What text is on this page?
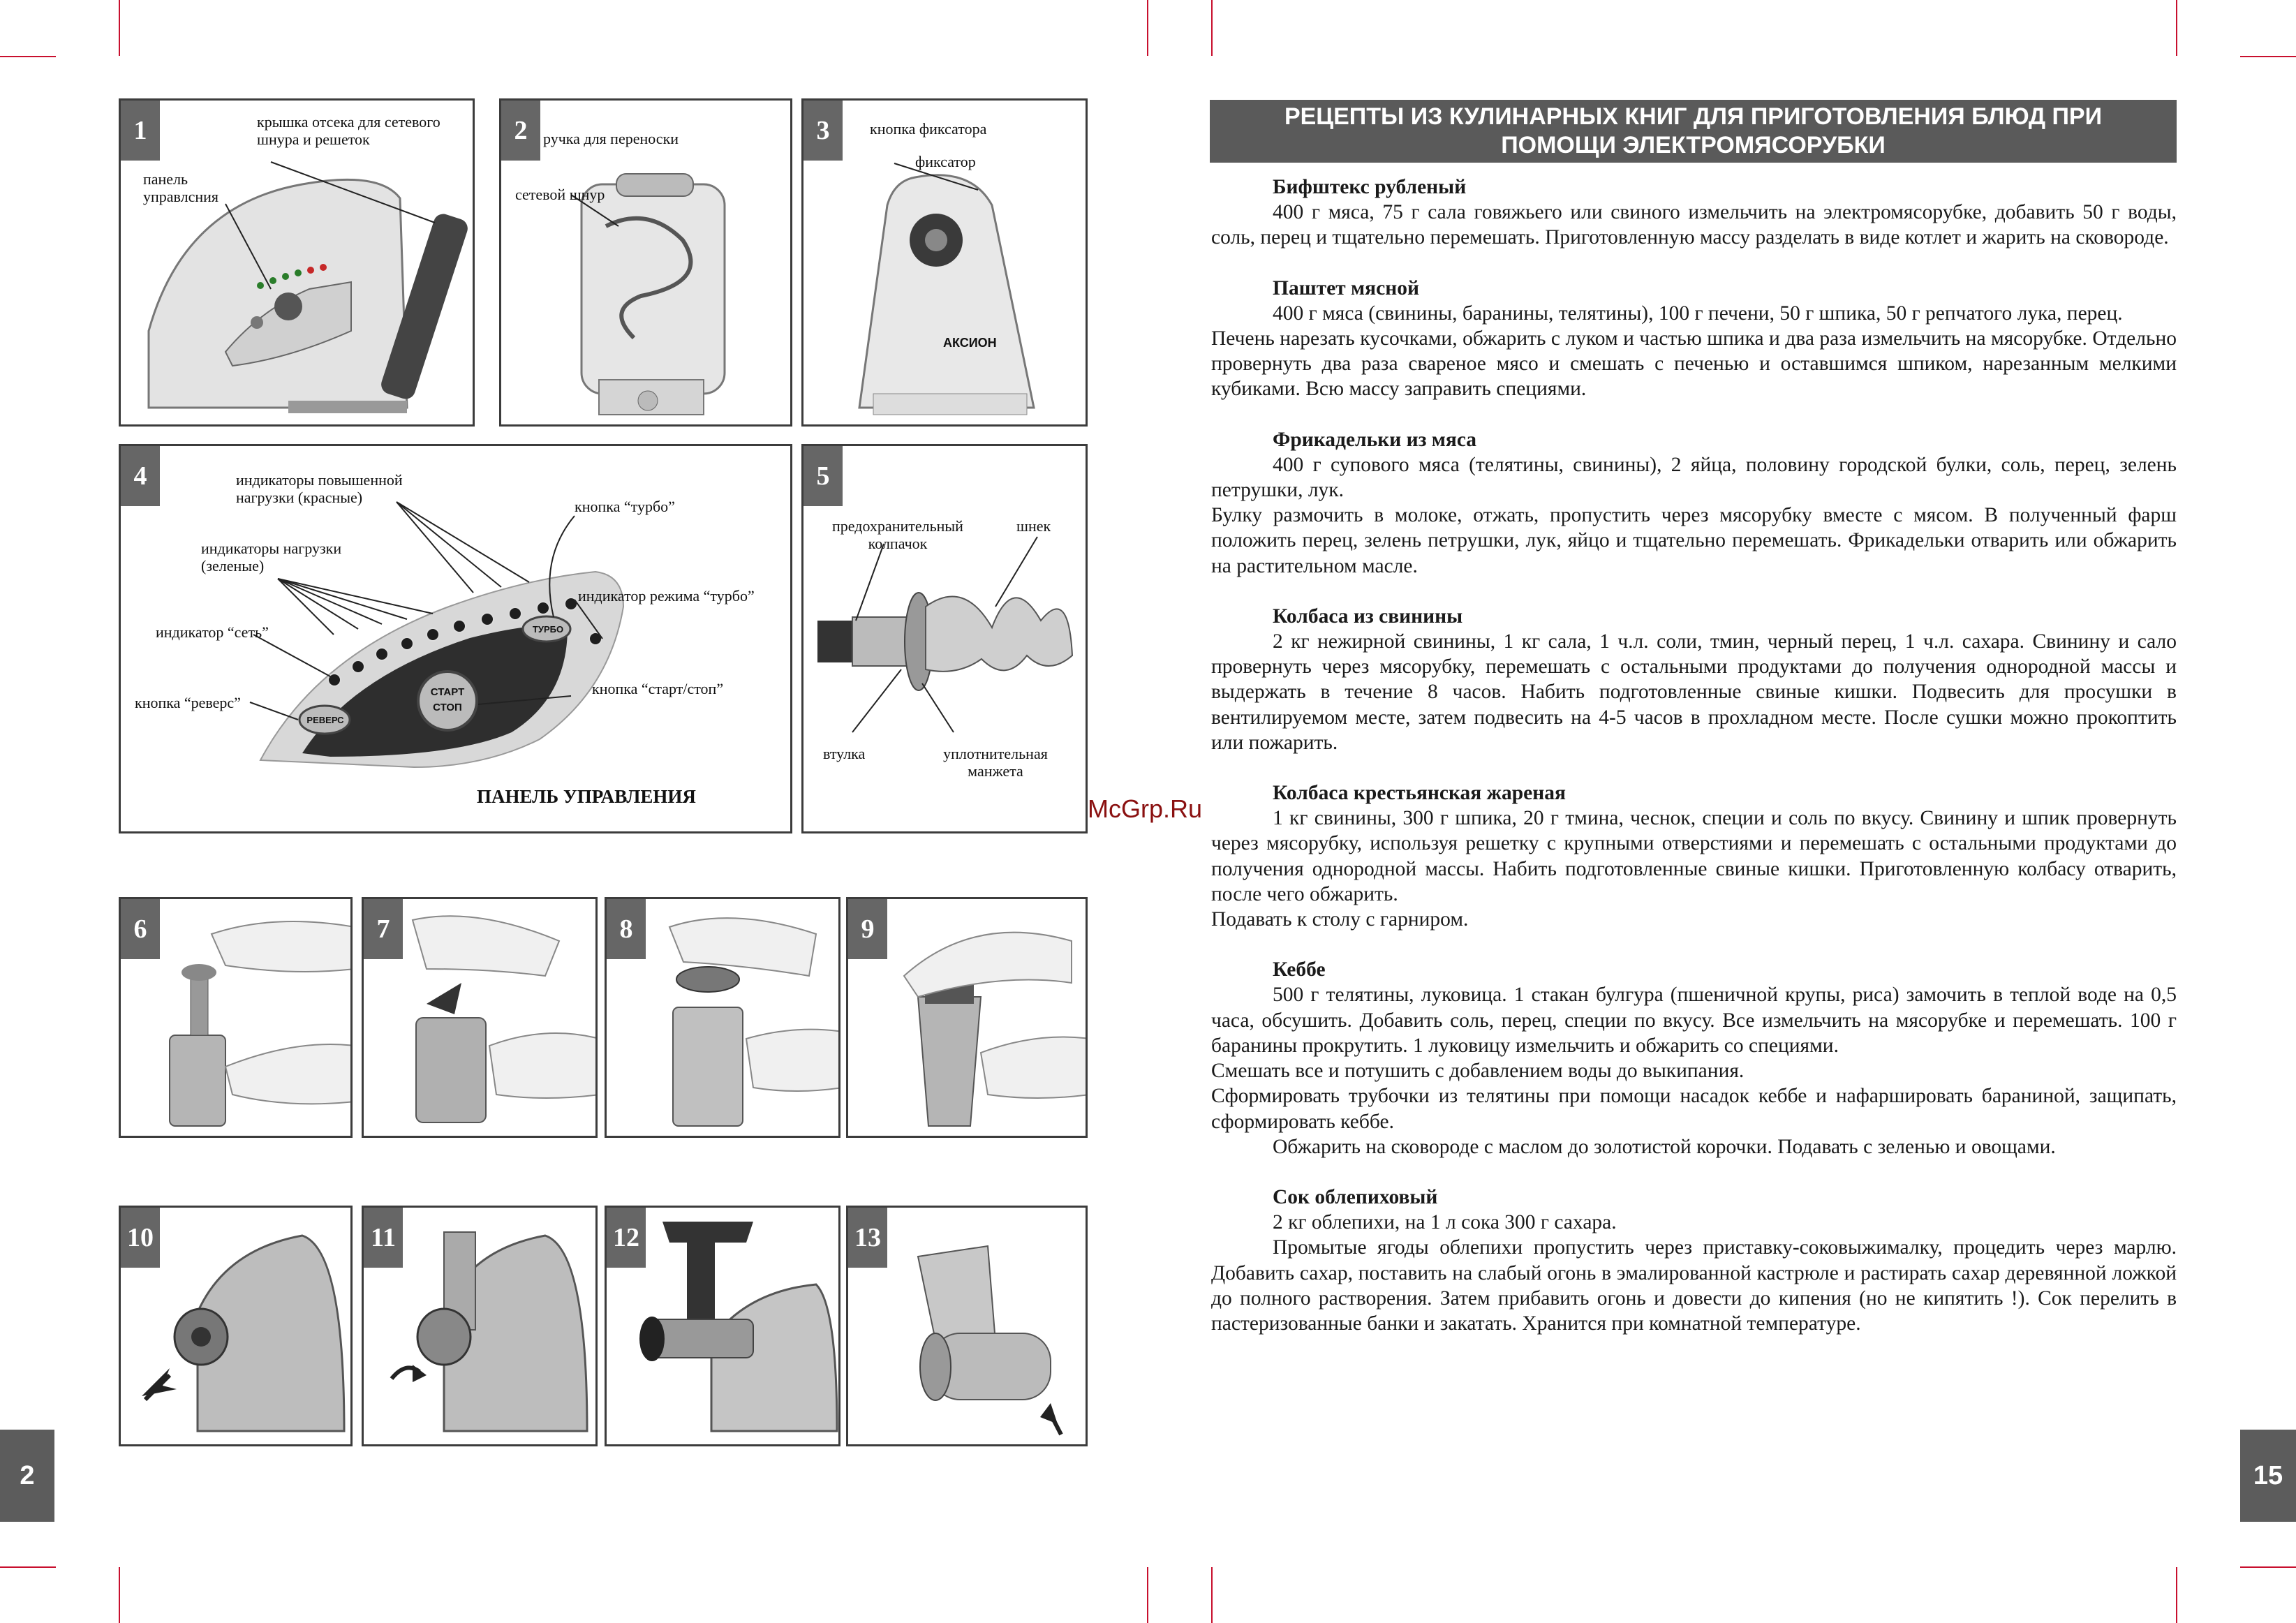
1	крышка отсека для сетевого шнура и решеток
панель управлсния
2	ручка для переноски
сетевой шнур
3	кнопка фиксатора
фиксатор
АКСИОН
4	индикаторы повышенной нагрузки (красные)
кнопка “турбо”
индикаторы нагрузки (зеленые)
индикатор режима “турбо”
индикатор “сеть”
кнопка “старт/стоп”
кнопка “реверс”
ТУРБО
СТАРТ
СТОП
РЕВЕРС
ПАНЕЛЬ УПРАВЛЕНИЯ
5
предохранительный колпачок
шнек
втулка	уплотнительная манжета
6	7	8	9
10	11	12	13
2
McGrp.Ru
РЕЦЕПТЫ ИЗ КУЛИНАРНЫХ КНИГ ДЛЯ ПРИГОТОВЛЕНИЯ БЛЮД ПРИ
ПОМОЩИ ЭЛЕКТРОМЯСОРУБКИ
Бифштекс рубленый

400 г мяса, 75 г сала говяжьего или свиного измельчить на электромясорубке, добавить 50 г воды, соль, перец и тщательно перемешать. Приготовленную массу разделать в виде котлет и жарить на сковороде.

Паштет мясной

400 г мяса (свинины, баранины, телятины), 100 г печени, 50 г шпика, 50 г репчатого лука, перец.

Печень нарезать кусочками, обжарить с луком и частью шпика и два раза измельчить на мясорубке. Отдельно провернуть два раза свареное мясо и смешать с печенью и оставшимся шпиком, нарезанным мелкими кубиками. Всю массу заправить специями.

Фрикадельки из мяса

400 г супового мяса (телятины, свинины), 2 яйца, половину городской булки, соль, перец, зелень петрушки, лук.

Булку размочить в молоке, отжать, пропустить через мясорубку вместе с мясом. В полученный фарш положить перец, зелень петрушки, лук, яйцо и тщательно перемешать. Фрикадельки отварить или обжарить на растительном масле.

Колбаса из свинины

2 кг нежирной свинины, 1 кг сала, 1 ч.л. соли, тмин, черный перец, 1 ч.л. сахара. Свинину и сало провернуть через мясорубку, перемешать с остальными продуктами до получения однородной массы и выдержать в течение 8 часов. Набить подготовленные свиные кишки. Подвесить для просушки в вентилируемом месте, затем подвесить на 4-5 часов в прохладном месте. После сушки можно прокоптить или пожарить.

Колбаса крестьянская жареная

1 кг свинины, 300 г шпика, 20 г тмина, чеснок, специи и соль по вкусу. Свинину и шпик провернуть через мясорубку, используя решетку с крупными отверстиями и перемешать с остальными продуктами до получения однородной массы. Набить подготовленные свиные кишки. Приготовленную колбасу отварить, после чего обжарить.

Подавать к столу с гарниром.

Кеббе

500 г телятины, луковица. 1 стакан булгура (пшеничной крупы, риса) замочить в теплой воде на 0,5 часа, обсушить. Добавить соль, перец, специи по вкусу. Все измельчить на мясорубке и перемешать. 100 г баранины прокрутить. 1 луковицу измельчить и обжарить со специями.

Смешать все и потушить с добавлением воды до выкипания.

Сформировать трубочки из телятины при помощи насадок кеббе и нафаршировать бараниной, защипать, сформировать кеббе.

Обжарить на сковороде с маслом до золотистой корочки. Подавать с зеленью и овощами.

Сок облепиховый

2 кг облепихи, на 1 л сока 300 г сахара.

Промытые ягоды облепихи пропустить через приставку-соковыжималку, процедить через марлю. Добавить сахар, поставить на слабый огонь в эмалированной кастрюле и растирать сахар деревянной ложкой до полного растворения. Затем прибавить огонь и довести до кипения (но не кипятить !). Сок перелить в пастеризованные банки и закатать. Хранится при комнатной температуре.

15
